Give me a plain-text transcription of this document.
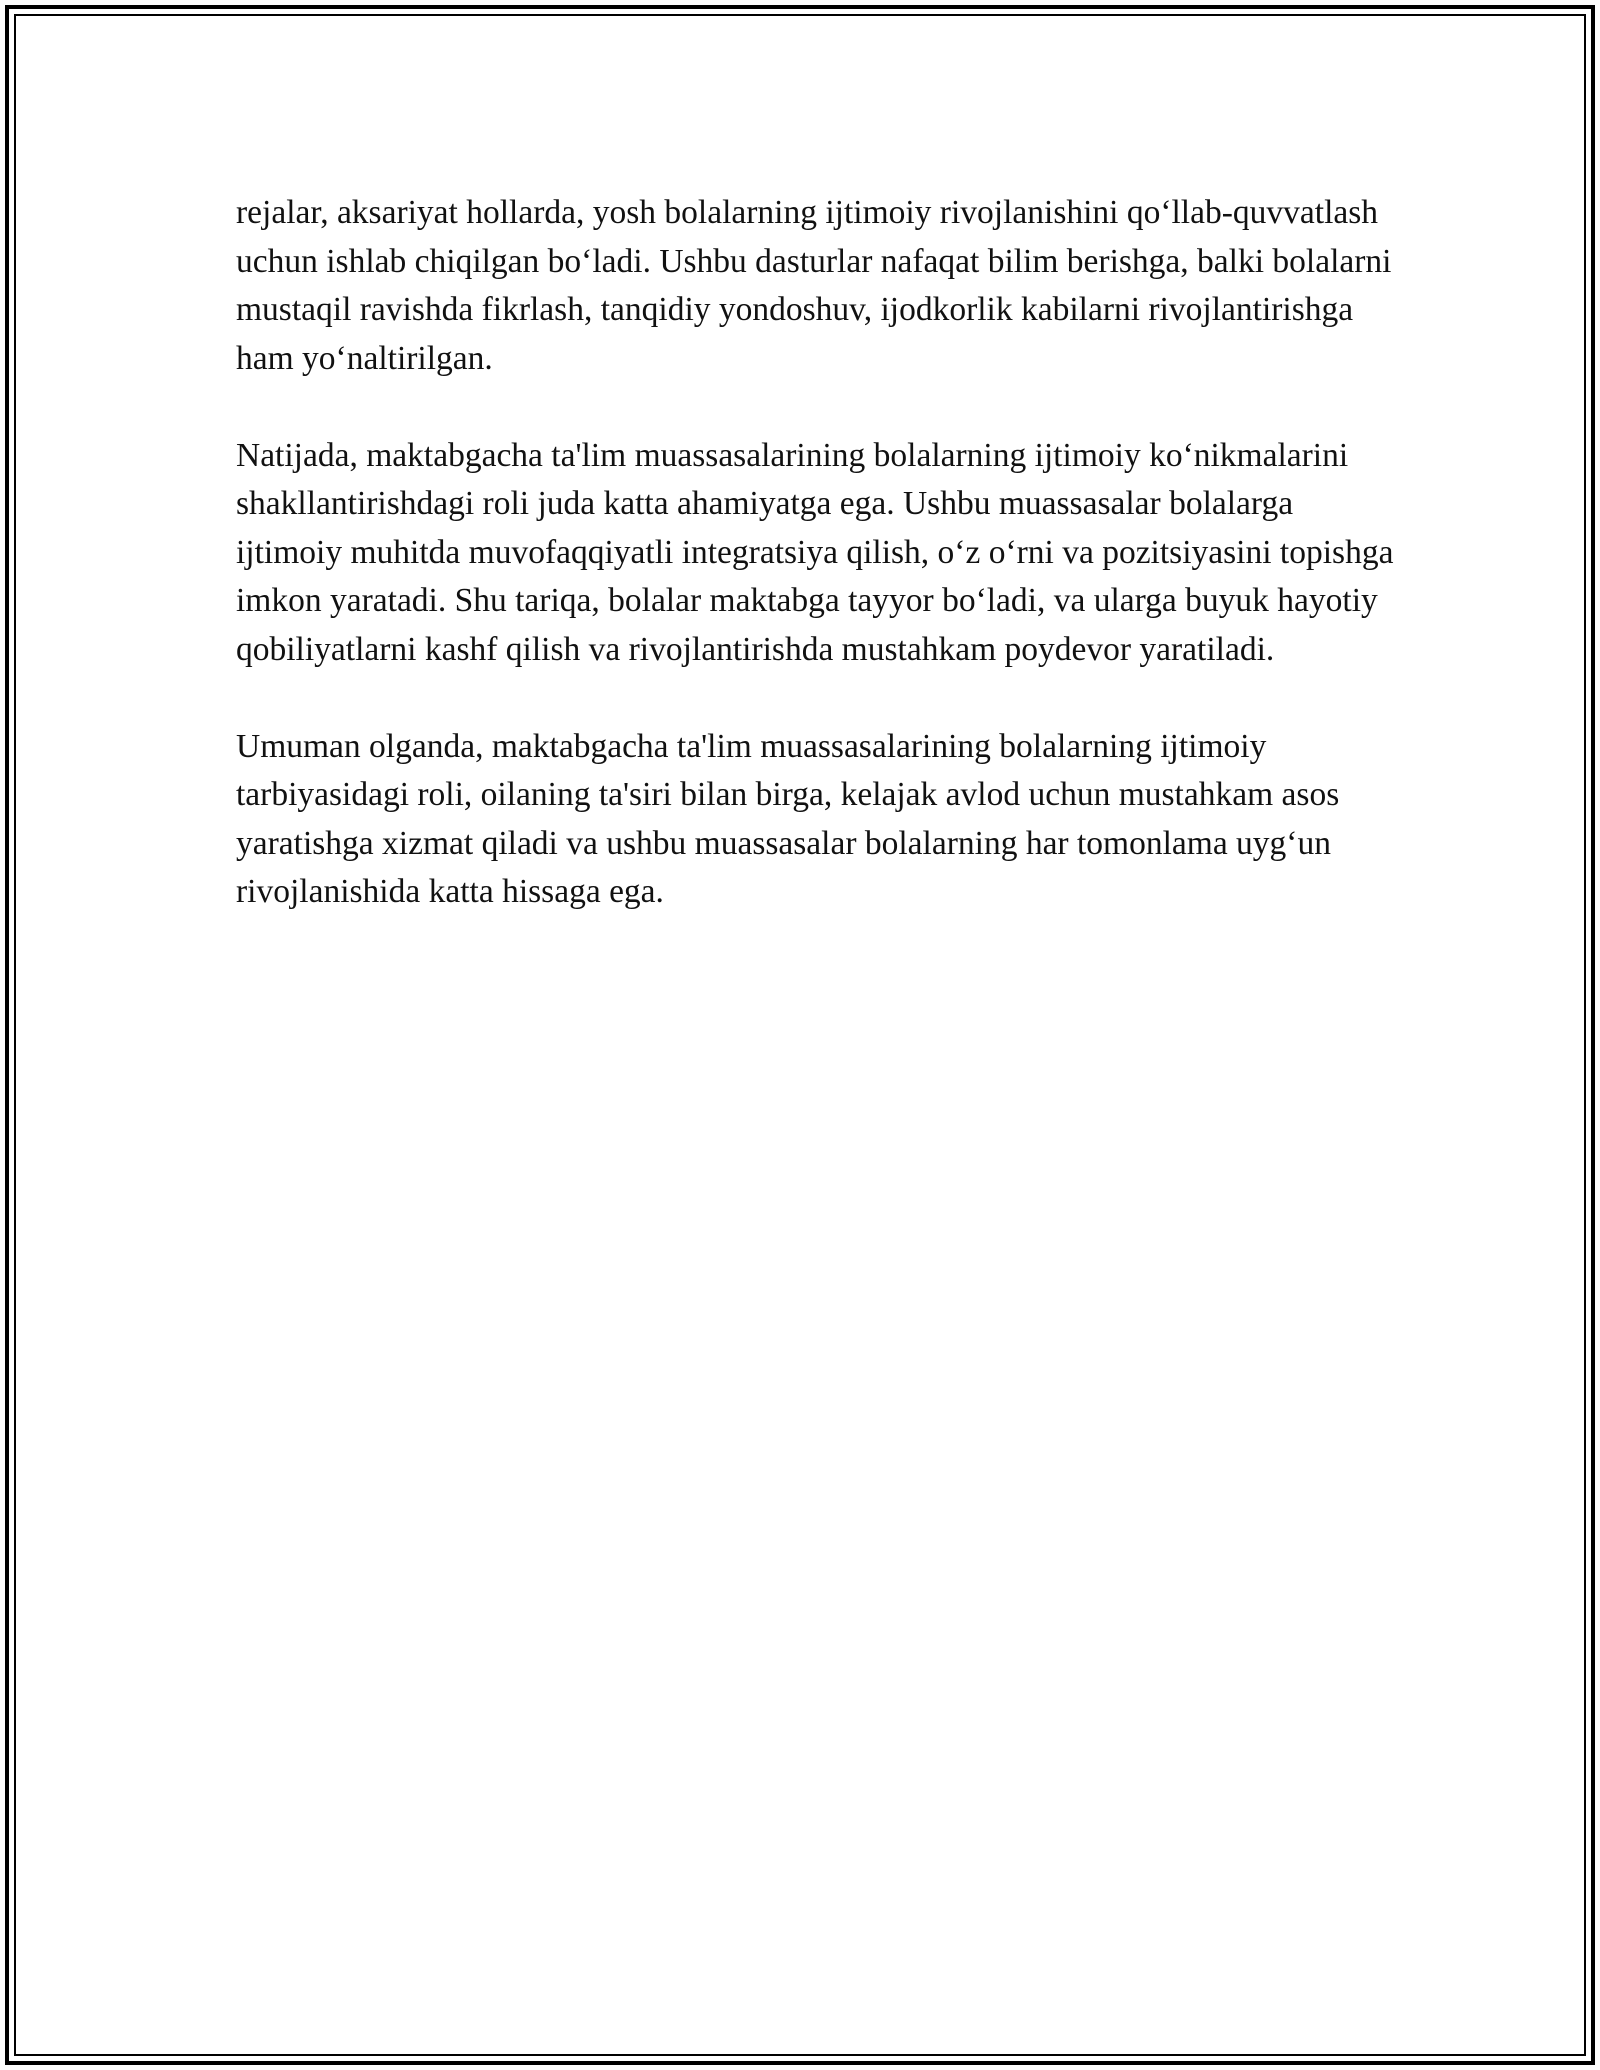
rejalar, aksariyat hollarda, yosh bolalarning ijtimoiy rivojlanishini qo‘llab-quvvatlash uchun ishlab chiqilgan bo‘ladi. Ushbu dasturlar nafaqat bilim berishga, balki bolalarni mustaqil ravishda fikrlash, tanqidiy yondoshuv, ijodkorlik kabilarni rivojlantirishga ham yo‘naltirilgan.

Natijada, maktabgacha ta'lim muassasalarining bolalarning ijtimoiy ko‘nikmalarini shakllantirishdagi roli juda katta ahamiyatga ega. Ushbu muassasalar bolalarga ijtimoiy muhitda muvofaqqiyatli integratsiya qilish, o‘z o‘rni va pozitsiyasini topishga imkon yaratadi. Shu tariqa, bolalar maktabga tayyor bo‘ladi, va ularga buyuk hayotiy qobiliyatlarni kashf qilish va rivojlantirishda mustahkam poydevor yaratiladi.

Umuman olganda, maktabgacha ta'lim muassasalarining bolalarning ijtimoiy tarbiyasidagi roli, oilaning ta'siri bilan birga, kelajak avlod uchun mustahkam asos yaratishga xizmat qiladi va ushbu muassasalar bolalarning har tomonlama uyg‘un rivojlanishida katta hissaga ega.
